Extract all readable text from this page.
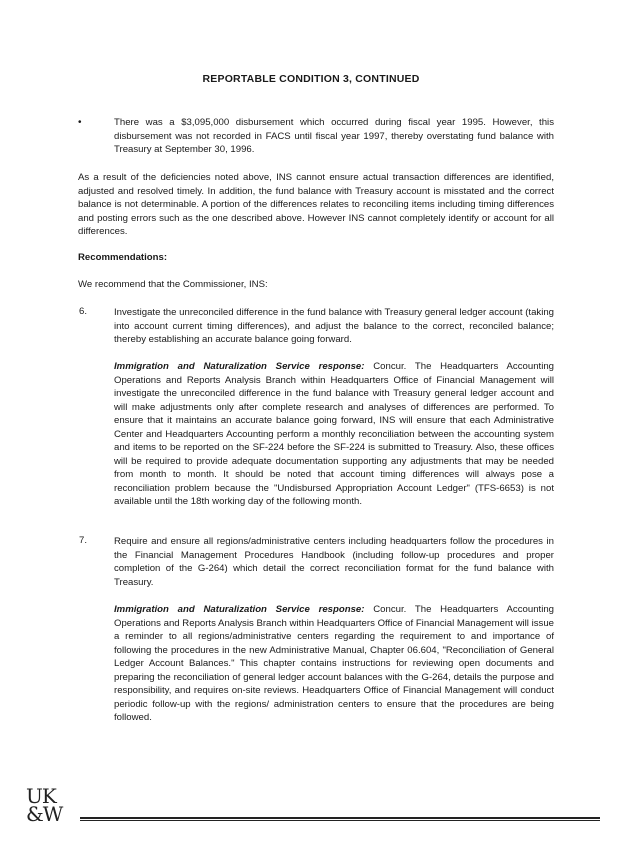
REPORTABLE CONDITION 3, CONTINUED
•	There was a $3,095,000 disbursement which occurred during fiscal year 1995. However, this disbursement was not recorded in FACS until fiscal year 1997, thereby overstating fund balance with Treasury at September 30, 1996.

As a result of the deficiencies noted above, INS cannot ensure actual transaction differences are identified, adjusted and resolved timely. In addition, the fund balance with Treasury account is misstated and the correct balance is not determinable. A portion of the differences relates to reconciling items including timing differences and posting errors such as the one described above. However INS cannot completely identify or account for all differences.

Recommendations:

We recommend that the Commissioner, INS:

6.	Investigate the unreconciled difference in the fund balance with Treasury general ledger account (taking into account current timing differences), and adjust the balance to the correct, reconciled balance; thereby establishing an accurate balance going forward.

Immigration and Naturalization Service response: Concur. The Headquarters Accounting Operations and Reports Analysis Branch within Headquarters Office of Financial Management will investigate the unreconciled difference in the fund balance with Treasury general ledger account and will make adjustments only after complete research and analyses of differences are performed. To ensure that it maintains an accurate balance going forward, INS will ensure that each Administrative Center and Headquarters Accounting perform a monthly reconciliation between the accounting system and items to be reported on the SF-224 before the SF-224 is submitted to Treasury. Also, these offices will be required to provide adequate documentation supporting any adjustments that may be needed from month to month. It should be noted that account timing differences will always pose a reconciliation problem because the "Undisbursed Appropriation Account Ledger" (TFS-6653) is not available until the 18th working day of the following month.

7.	Require and ensure all regions/administrative centers including headquarters follow the procedures in the Financial Management Procedures Handbook (including follow-up procedures and proper completion of the G-264) which detail the correct reconciliation format for the fund balance with Treasury.

Immigration and Naturalization Service response: Concur. The Headquarters Accounting Operations and Reports Analysis Branch within Headquarters Office of Financial Management will issue a reminder to all regions/administrative centers regarding the requirement to and importance of following the procedures in the new Administrative Manual, Chapter 06.604, "Reconciliation of General Ledger Account Balances." This chapter contains instructions for reviewing open documents and preparing the reconciliation of general ledger account balances with the G-264, details the purpose and responsibility, and requires on-site reviews. Headquarters Office of Financial Management will conduct periodic follow-up with the regions/ administration centers to ensure that the procedures are being followed.

UK
&W
